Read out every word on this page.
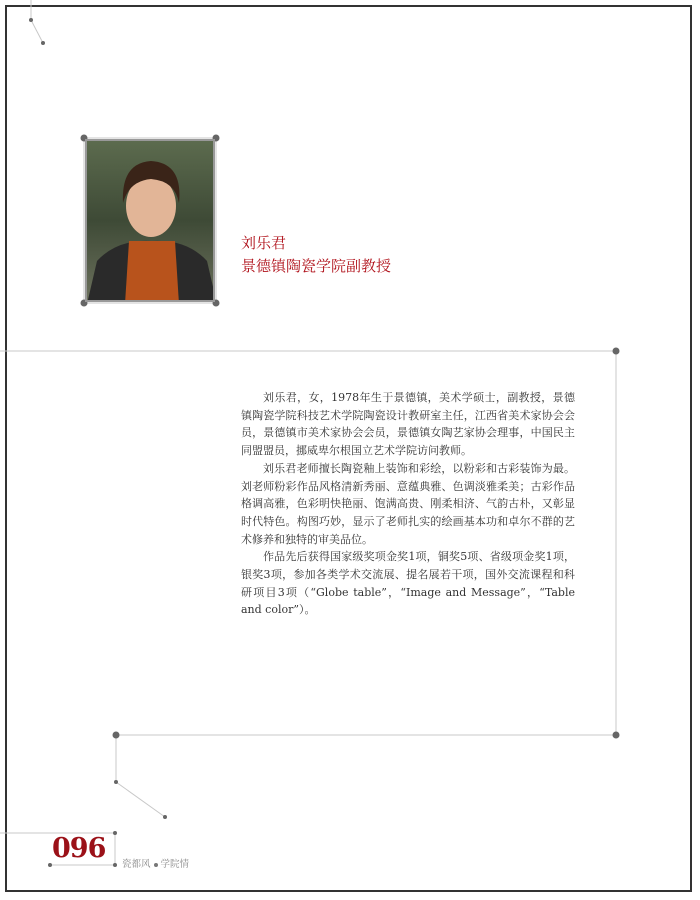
刘乐君
景德镇陶瓷学院副教授

刘乐君，女，1978年生于景德镇，美术学硕士，副教授，景德镇陶瓷学院科技艺术学院陶瓷设计教研室主任，江西省美术家协会会员，景德镇市美术家协会会员，景德镇女陶艺家协会理事，中国民主同盟盟员，挪威卑尔根国立艺术学院访问教师。

刘乐君老师擅长陶瓷釉上装饰和彩绘，以粉彩和古彩装饰为最。刘老师粉彩作品风格清新秀丽、意蕴典雅、色调淡雅柔美；古彩作品格调高雅，色彩明快艳丽、饱满高贵、刚柔相济、气韵古朴，又彰显时代特色。构图巧妙，显示了老师扎实的绘画基本功和卓尔不群的艺术修养和独特的审美品位。

作品先后获得国家级奖项金奖1项，铜奖5项、省级项金奖1项，银奖3项，参加各类学术交流展、提名展若干项，国外交流课程和科研项目3项（“Globe table”，“Image and Message”，“Table and color”）。

096
瓷都风 学院情
